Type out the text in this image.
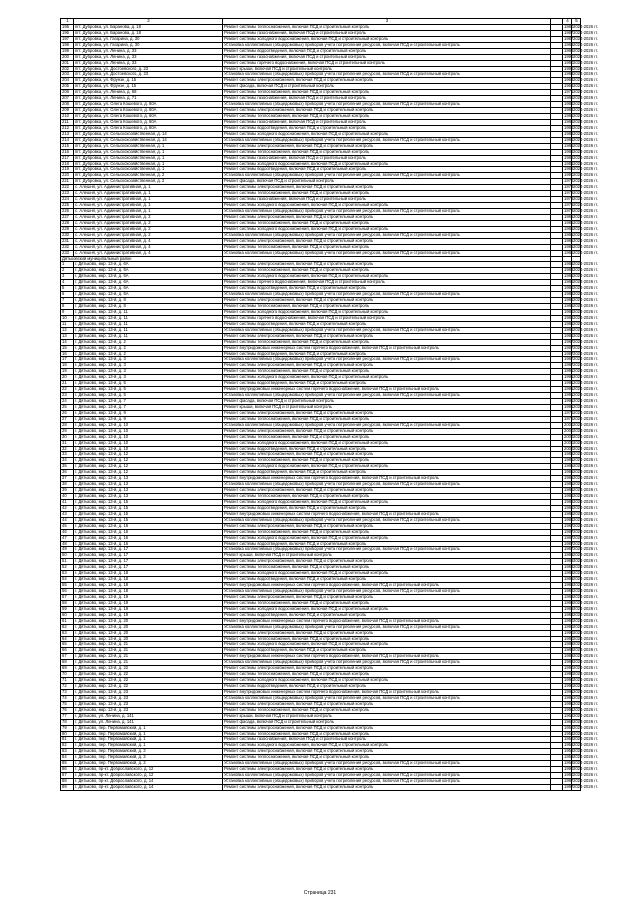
1	2	3		4	5
195	пгт. Дубровка, ул. Баранова, д. 18	Ремонт системы теплоснабжения, включая ПСД и строительный контроль		1980	2024-2026 гг.
196	пгт. Дубровка, ул. Баранова, д. 18	Ремонт системы газоснабжения, включая ПСД и строительный контроль		1987	2024-2026 гг.
197	пгт. Дубровка, ул. Гагарина, д. 30	Ремонт системы холодного водоснабжения, включая ПСД и строительный контроль		1987	2024-2026 гг.
198	пгт. Дубровка, ул. Гагарина, д. 30	Установка коллективных (общедомовых) приборов учета потребления ресурсов, включая ПСД и строительный контроль		1989	2024-2026 гг.
199	пгт. Дубровка, ул. Ленина, д. 33	Ремонт системы водоотведения, включая ПСД и строительный контроль		1989	2024-2026 гг.
200	пгт. Дубровка, ул. Ленина, д. 33	Ремонт системы газоснабжения, включая ПСД и строительный контроль		1990	2024-2026 гг.
201	пгт. Дубровка, ул. Ленина, д. 33	Ремонт системы горячего водоснабжения, включая ПСД и строительный контроль		1990	2024-2026 гг.
202	пгт. Дубровка, ул. Достоевского, д. 23	Ремонт крыши, включая ПСД и строительный контроль		1993	2024-2026 гг.
203	пгт. Дубровка, ул. Достоевского, д. 23	Установка коллективных (общедомовых) приборов учета потребления ресурсов, включая ПСД и строительный контроль		1993	2024-2026 гг.
204	пгт. Дубровка, ул. Фрунзе, д. 15	Ремонт системы электроснабжения, включая ПСД и строительный контроль		1968	2024-2026 гг.
205	пгт. Дубровка, ул. Фрунзе, д. 15	Ремонт фасада, включая ПСД и строительный контроль		1968	2024-2026 гг.
206	пгт. Дубровка, ул. Ленина, д. 68	Ремонт системы теплоснабжения, включая ПСД и строительный контроль		1971	2024-2026 гг.
207	пгт. Дубровка, ул. Ленина, д. 71	Ремонт системы газоснабжения, включая ПСД и строительный контроль		1986	2024-2026 гг.
208	пгт. Дубровка, ул. Олега Кошевого, д. 60А	Установка коллективных (общедомовых) приборов учета потребления ресурсов, включая ПСД и строительный контроль		1986	2024-2026 гг.
209	пгт. Дубровка, ул. Олега Кошевого, д. 60А	Ремонт системы электроснабжения, включая ПСД и строительный контроль		1986	2024-2026 гг.
210	пгт. Дубровка, ул. Олега Кошевого, д. 60А	Ремонт системы теплоснабжения, включая ПСД и строительный контроль		1986	2024-2026 гг.
211	пгт. Дубровка, ул. Олега Кошевого, д. 60А	Ремонт системы газоснабжения, включая ПСД и строительный контроль		1986	2024-2026 гг.
212	пгт. Дубровка, ул. Олега Кошевого, д. 60А	Ремонт системы водоотведения, включая ПСД и строительный контроль		1986	2024-2026 гг.
213	пгт. Дубровка, ул. Сельскохозяйственная, д. 14	Ремонт системы холодного водоснабжения, включая ПСД и строительный контроль		1986	2024-2026 гг.
214	пгт. Дубровка, ул. Сельскохозяйственная, д. 14	Установка коллективных (общедомовых) приборов учета потребления ресурсов, включая ПСД и строительный контроль		1986	2024-2026 гг.
215	пгт. Дубровка, ул. Сельскохозяйственная, д. 1	Ремонт системы электроснабжения, включая ПСД и строительный контроль		1986	2024-2026 гг.
216	пгт. Дубровка, ул. Сельскохозяйственная, д. 1	Ремонт системы теплоснабжения, включая ПСД и строительный контроль		1986	2024-2026 гг.
217	пгт. Дубровка, ул. Сельскохозяйственная, д. 1	Ремонт системы газоснабжения, включая ПСД и строительный контроль		1986	2024-2026 гг.
218	пгт. Дубровка, ул. Сельскохозяйственная, д. 1	Ремонт системы холодного водоснабжения, включая ПСД и строительный контроль		1986	2024-2026 гг.
219	пгт. Дубровка, ул. Сельскохозяйственная, д. 1	Ремонт системы водоотведения, включая ПСД и строительный контроль		1986	2024-2026 гг.
220	пгт. Дубровка, ул. Сельскохозяйственная, д. 2	Установка коллективных (общедомовых) приборов учета потребления ресурсов, включая ПСД и строительный контроль		1990	2024-2026 гг.
221	пгт. Дубровка, ул. Сельскохозяйственная, д. 2	Ремонт фасада, включая ПСД и строительный контроль		1972	2024-2026 гг.
222	с. Алешня, ул. Административная, д. 1	Ремонт системы электроснабжения, включая ПСД и строительный контроль		1979	2024-2026 гг.
223	с. Алешня, ул. Административная, д. 1	Ремонт системы теплоснабжения, включая ПСД и строительный контроль		1979	2024-2026 гг.
224	с. Алешня, ул. Административная, д. 1	Ремонт системы газоснабжения, включая ПСД и строительный контроль		1979	2024-2026 гг.
225	с. Алешня, ул. Административная, д. 1	Ремонт системы холодного водоснабжения, включая ПСД и строительный контроль		1979	2024-2026 гг.
226	с. Алешня, ул. Административная, д. 1	Установка коллективных (общедомовых) приборов учета потребления ресурсов, включая ПСД и строительный контроль		1979	2024-2026 гг.
227	с. Алешня, ул. Административная, д. 2	Ремонт системы электроснабжения, включая ПСД и строительный контроль		1985	2024-2026 гг.
228	с. Алешня, ул. Административная, д. 2	Ремонт системы теплоснабжения, включая ПСД и строительный контроль		1985	2024-2026 гг.
229	с. Алешня, ул. Административная, д. 2	Ремонт системы холодного водоснабжения, включая ПСД и строительный контроль		1985	2024-2026 гг.
230	с. Алешня, ул. Административная, д. 2	Установка коллективных (общедомовых) приборов учета потребления ресурсов, включая ПСД и строительный контроль		1985	2024-2026 гг.
231	с. Алешня, ул. Административная, д. 4	Ремонт системы электроснабжения, включая ПСД и строительный контроль		1985	2024-2026 гг.
232	с. Алешня, ул. Административная, д. 4	Ремонт системы теплоснабжения, включая ПСД и строительный контроль		1985	2024-2026 гг.
233	с. Алешня, ул. Административная, д. 4	Установка коллективных (общедомовых) приборов учета потребления ресурсов, включая ПСД и строительный контроль		1985	2024-2026 гг.
Дятьковский муниципальный район					
1	г. Дятьково, мкр. 13-й, д. 6А	Ремонт системы электроснабжения, включая ПСД и строительный контроль		1986	2024-2026 гг.
2	г. Дятьково, мкр. 13-й, д. 6А	Ремонт системы теплоснабжения, включая ПСД и строительный контроль		1986	2024-2026 гг.
3	г. Дятьково, мкр. 13-й, д. 6А	Ремонт системы холодного водоснабжения, включая ПСД и строительный контроль		1986	2024-2026 гг.
4	г. Дятьково, мкр. 13-й, д. 6А	Ремонт системы горячего водоснабжения, включая ПСД и строительный контроль		1986	2024-2026 гг.
5	г. Дятьково, мкр. 13-й, д. 6А	Ремонт системы водоотведения, включая ПСД и строительный контроль		1986	2024-2026 гг.
6	г. Дятьково, мкр. 13-й, д. 6А	Установка коллективных (общедомовых) приборов учета потребления ресурсов, включая ПСД и строительный контроль		1986	2024-2026 гг.
7	г. Дятьково, мкр. 13-й, д. 8	Ремонт системы электроснабжения, включая ПСД и строительный контроль		1986	2024-2026 гг.
8	г. Дятьково, мкр. 13-й, д. 8	Ремонт системы теплоснабжения, включая ПСД и строительный контроль		1986	2024-2026 гг.
9	г. Дятьково, мкр. 13-й, д. 11	Ремонт системы холодного водоснабжения, включая ПСД и строительный контроль		1986	2024-2026 гг.
10	г. Дятьково, мкр. 13-й, д. 11	Ремонт системы горячего водоснабжения, включая ПСД и строительный контроль		1986	2024-2026 гг.
11	г. Дятьково, мкр. 13-й, д. 11	Ремонт системы водоотведения, включая ПСД и строительный контроль		1986	2024-2026 гг.
12	г. Дятьково, мкр. 13-й, д. 11	Установка коллективных (общедомовых) приборов учета потребления ресурсов, включая ПСД и строительный контроль		1986	2024-2026 гг.
13	г. Дятьково, мкр. 13-й, д. 11	Ремонт системы электроснабжения, включая ПСД и строительный контроль		1986	2024-2026 гг.
14	г. Дятьково, мкр. 13-й, д. 2	Ремонт системы теплоснабжения, включая ПСД и строительный контроль		1987	2024-2026 гг.
15	г. Дятьково, мкр. 13-й, д. 2	Ремонт внутридомовых инженерных систем горячего водоснабжения, включая ПСД и строительный контроль		1987	2024-2026 гг.
16	г. Дятьково, мкр. 13-й, д. 2	Ремонт системы водоотведения, включая ПСД и строительный контроль		1987	2024-2026 гг.
17	г. Дятьково, мкр. 13-й, д. 3	Установка коллективных (общедомовых) приборов учета потребления ресурсов, включая ПСД и строительный контроль		1987	2024-2026 гг.
18	г. Дятьково, мкр. 13-й, д. 3	Ремонт системы электроснабжения, включая ПСД и строительный контроль		1987	2024-2026 гг.
19	г. Дятьково, мкр. 13-й, д. 3	Ремонт системы теплоснабжения, включая ПСД и строительный контроль		1991	2024-2026 гг.
20	г. Дятьково, мкр. 13-й, д. 3	Ремонт системы холодного водоснабжения, включая ПСД и строительный контроль		1991	2024-2026 гг.
21	г. Дятьково, мкр. 13-й, д. 5	Ремонт системы водоотведения, включая ПСД и строительный контроль		1991	2024-2026 гг.
22	г. Дятьково, мкр. 13-й, д. 5	Ремонт внутридомовых инженерных систем горячего водоснабжения, включая ПСД и строительный контроль		1991	2024-2026 гг.
23	г. Дятьково, мкр. 13-й, д. 5	Установка коллективных (общедомовых) приборов учета потребления ресурсов, включая ПСД и строительный контроль		1991	2024-2026 гг.
24	г. Дятьково, мкр. 13-й, д. 7	Ремонт фасада, включая ПСД и строительный контроль		1991	2024-2026 гг.
25	г. Дятьково, мкр. 13-й, д. 7	Ремонт крыши, включая ПСД и строительный контроль		1991	2024-2026 гг.
26	г. Дятьково, мкр. 13-й, д. 9	Ремонт системы электроснабжения, включая ПСД и строительный контроль		1976	2024-2026 гг.
27	г. Дятьково, мкр. 13-й, д. 9	Ремонт системы теплоснабжения, включая ПСД и строительный контроль		1976	2024-2026 гг.
28	г. Дятьково, мкр. 13-й, д. 10	Установка коллективных (общедомовых) приборов учета потребления ресурсов, включая ПСД и строительный контроль		2000	2024-2026 гг.
29	г. Дятьково, мкр. 13-й, д. 10	Ремонт системы электроснабжения, включая ПСД и строительный контроль		2000	2024-2026 гг.
30	г. Дятьково, мкр. 13-й, д. 10	Ремонт системы теплоснабжения, включая ПСД и строительный контроль		2000	2024-2026 гг.
31	г. Дятьково, мкр. 13-й, д. 10	Ремонт системы холодного водоснабжения, включая ПСД и строительный контроль		2000	2024-2026 гг.
32	г. Дятьково, мкр. 13-й, д. 10	Ремонт системы водоотведения, включая ПСД и строительный контроль		2000	2024-2026 гг.
33	г. Дятьково, мкр. 13-й, д. 12	Ремонт системы электроснабжения, включая ПСД и строительный контроль		1985	2024-2026 гг.
34	г. Дятьково, мкр. 13-й, д. 12	Ремонт системы теплоснабжения, включая ПСД и строительный контроль		1985	2024-2026 гг.
35	г. Дятьково, мкр. 13-й, д. 12	Ремонт системы холодного водоснабжения, включая ПСД и строительный контроль		1985	2024-2026 гг.
36	г. Дятьково, мкр. 13-й, д. 12	Ремонт системы водоотведения, включая ПСД и строительный контроль		1985	2024-2026 гг.
37	г. Дятьково, мкр. 13-й, д. 13	Ремонт внутридомовых инженерных систем горячего водоснабжения, включая ПСД и строительный контроль		1985	2024-2026 гг.
38	г. Дятьково, мкр. 13-й, д. 13	Установка коллективных (общедомовых) приборов учета потребления ресурсов, включая ПСД и строительный контроль		1985	2024-2026 гг.
39	г. Дятьково, мкр. 13-й, д. 13	Ремонт системы электроснабжения, включая ПСД и строительный контроль		1986	2024-2026 гг.
40	г. Дятьково, мкр. 13-й, д. 13	Ремонт системы теплоснабжения, включая ПСД и строительный контроль		1986	2024-2026 гг.
41	г. Дятьково, мкр. 13-й, д. 15	Ремонт системы холодного водоснабжения, включая ПСД и строительный контроль		1986	2024-2026 гг.
42	г. Дятьково, мкр. 13-й, д. 15	Ремонт системы водоотведения, включая ПСД и строительный контроль		1986	2024-2026 гг.
43	г. Дятьково, мкр. 13-й, д. 15	Ремонт внутридомовых инженерных систем горячего водоснабжения, включая ПСД и строительный контроль		1986	2024-2026 гг.
44	г. Дятьково, мкр. 13-й, д. 15	Установка коллективных (общедомовых) приборов учета потребления ресурсов, включая ПСД и строительный контроль		1986	2024-2026 гг.
45	г. Дятьково, мкр. 13-й, д. 16	Ремонт системы электроснабжения, включая ПСД и строительный контроль		1987	2024-2026 гг.
46	г. Дятьково, мкр. 13-й, д. 16	Ремонт системы теплоснабжения, включая ПСД и строительный контроль		1987	2024-2026 гг.
47	г. Дятьково, мкр. 13-й, д. 16	Ремонт системы холодного водоснабжения, включая ПСД и строительный контроль		1987	2024-2026 гг.
48	г. Дятьково, мкр. 13-й, д. 16	Ремонт системы водоотведения, включая ПСД и строительный контроль		1987	2024-2026 гг.
49	г. Дятьково, мкр. 13-й, д. 17	Установка коллективных (общедомовых) приборов учета потребления ресурсов, включая ПСД и строительный контроль		1987	2024-2026 гг.
50	г. Дятьково, мкр. 13-й, д. 17	Ремонт крыши, включая ПСД и строительный контроль		1988	2024-2026 гг.
51	г. Дятьково, мкр. 13-й, д. 17	Ремонт системы электроснабжения, включая ПСД и строительный контроль		1988	2024-2026 гг.
52	г. Дятьково, мкр. 13-й, д. 17	Ремонт системы теплоснабжения, включая ПСД и строительный контроль		1988	2024-2026 гг.
53	г. Дятьково, мкр. 13-й, д. 18	Ремонт системы холодного водоснабжения, включая ПСД и строительный контроль		1988	2024-2026 гг.
54	г. Дятьково, мкр. 13-й, д. 18	Ремонт системы водоотведения, включая ПСД и строительный контроль		1988	2024-2026 гг.
55	г. Дятьково, мкр. 13-й, д. 18	Ремонт внутридомовых инженерных систем горячего водоснабжения, включая ПСД и строительный контроль		1988	2024-2026 гг.
56	г. Дятьково, мкр. 13-й, д. 18	Установка коллективных (общедомовых) приборов учета потребления ресурсов, включая ПСД и строительный контроль		1988	2024-2026 гг.
57	г. Дятьково, мкр. 13-й, д. 19	Ремонт системы электроснабжения, включая ПСД и строительный контроль		1989	2024-2026 гг.
58	г. Дятьково, мкр. 13-й, д. 19	Ремонт системы теплоснабжения, включая ПСД и строительный контроль		1989	2024-2026 гг.
59	г. Дятьково, мкр. 13-й, д. 19	Ремонт системы холодного водоснабжения, включая ПСД и строительный контроль		1989	2024-2026 гг.
60	г. Дятьково, мкр. 13-й, д. 19	Ремонт системы водоотведения, включая ПСД и строительный контроль		1989	2024-2026 гг.
61	г. Дятьково, мкр. 13-й, д. 20	Ремонт внутридомовых инженерных систем горячего водоснабжения, включая ПСД и строительный контроль		1990	2024-2026 гг.
62	г. Дятьково, мкр. 13-й, д. 20	Установка коллективных (общедомовых) приборов учета потребления ресурсов, включая ПСД и строительный контроль		1990	2024-2026 гг.
63	г. Дятьково, мкр. 13-й, д. 20	Ремонт системы электроснабжения, включая ПСД и строительный контроль		1990	2024-2026 гг.
64	г. Дятьково, мкр. 13-й, д. 20	Ремонт системы теплоснабжения, включая ПСД и строительный контроль		1990	2024-2026 гг.
65	г. Дятьково, мкр. 13-й, д. 21	Ремонт системы холодного водоснабжения, включая ПСД и строительный контроль		1989	2024-2026 гг.
66	г. Дятьково, мкр. 13-й, д. 21	Ремонт системы водоотведения, включая ПСД и строительный контроль		1989	2024-2026 гг.
67	г. Дятьково, мкр. 13-й, д. 21	Ремонт внутридомовых инженерных систем горячего водоснабжения, включая ПСД и строительный контроль		1989	2024-2026 гг.
68	г. Дятьково, мкр. 13-й, д. 21	Установка коллективных (общедомовых) приборов учета потребления ресурсов, включая ПСД и строительный контроль		1989	2024-2026 гг.
69	г. Дятьково, мкр. 13-й, д. 22	Ремонт системы электроснабжения, включая ПСД и строительный контроль		1990	2024-2026 гг.
70	г. Дятьково, мкр. 13-й, д. 22	Ремонт системы теплоснабжения, включая ПСД и строительный контроль		1990	2024-2026 гг.
71	г. Дятьково, мкр. 13-й, д. 22	Ремонт системы холодного водоснабжения, включая ПСД и строительный контроль		1990	2024-2026 гг.
72	г. Дятьково, мкр. 13-й, д. 22	Ремонт системы водоотведения, включая ПСД и строительный контроль		1990	2024-2026 гг.
73	г. Дятьково, мкр. 13-й, д. 23	Ремонт внутридомовых инженерных систем горячего водоснабжения, включая ПСД и строительный контроль		1991	2024-2026 гг.
74	г. Дятьково, мкр. 13-й, д. 23	Установка коллективных (общедомовых) приборов учета потребления ресурсов, включая ПСД и строительный контроль		1991	2024-2026 гг.
75	г. Дятьково, мкр. 13-й, д. 23	Ремонт системы электроснабжения, включая ПСД и строительный контроль		1991	2024-2026 гг.
76	г. Дятьково, мкр. 13-й, д. 23	Ремонт системы теплоснабжения, включая ПСД и строительный контроль		1991	2024-2026 гг.
77	г. Дятьково, ул. Ленина, д. 141	Ремонт крыши, включая ПСД и строительный контроль		1962	2024-2026 гг.
78	г. Дятьково, ул. Ленина, д. 141	Ремонт фасада, включая ПСД и строительный контроль		1962	2024-2026 гг.
79	г. Дятьково, пер. Первомайский, д. 1	Ремонт системы электроснабжения, включая ПСД и строительный контроль		1958	2024-2026 гг.
80	г. Дятьково, пер. Первомайский, д. 1	Ремонт системы теплоснабжения, включая ПСД и строительный контроль		1958	2024-2026 гг.
81	г. Дятьково, пер. Первомайский, д. 1	Ремонт системы газоснабжения, включая ПСД и строительный контроль		1958	2024-2026 гг.
82	г. Дятьково, пер. Первомайский, д. 1	Ремонт системы холодного водоснабжения, включая ПСД и строительный контроль		1958	2024-2026 гг.
83	г. Дятьково, пер. Первомайский, д. 3	Ремонт системы электроснабжения, включая ПСД и строительный контроль		1959	2024-2026 гг.
84	г. Дятьково, пер. Первомайский, д. 3	Ремонт системы теплоснабжения, включая ПСД и строительный контроль		1959	2024-2026 гг.
85	г. Дятьково, пер. Первомайский, д. 3	Установка коллективных (общедомовых) приборов учета потребления ресурсов, включая ПСД и строительный контроль		1959	2024-2026 гг.
86	г. Дятьково, пр-кт. Доброславского, д. 12	Ремонт системы электроснабжения, включая ПСД и строительный контроль		1990	2024-2026 гг.
87	г. Дятьково, пр-кт. Доброславского, д. 12	Установка коллективных (общедомовых) приборов учета потребления ресурсов, включая ПСД и строительный контроль		1990	2024-2026 гг.
88	г. Дятьково, пр-кт. Доброславского, д. 14	Установка коллективных (общедомовых) приборов учета потребления ресурсов, включая ПСД и строительный контроль		1997	2024-2026 гг.
89	г. Дятьково, пр-кт. Доброславского, д. 14	Ремонт системы электроснабжения, включая ПСД и строительный контроль		1997	2024-2026 гг.
Страница 231
